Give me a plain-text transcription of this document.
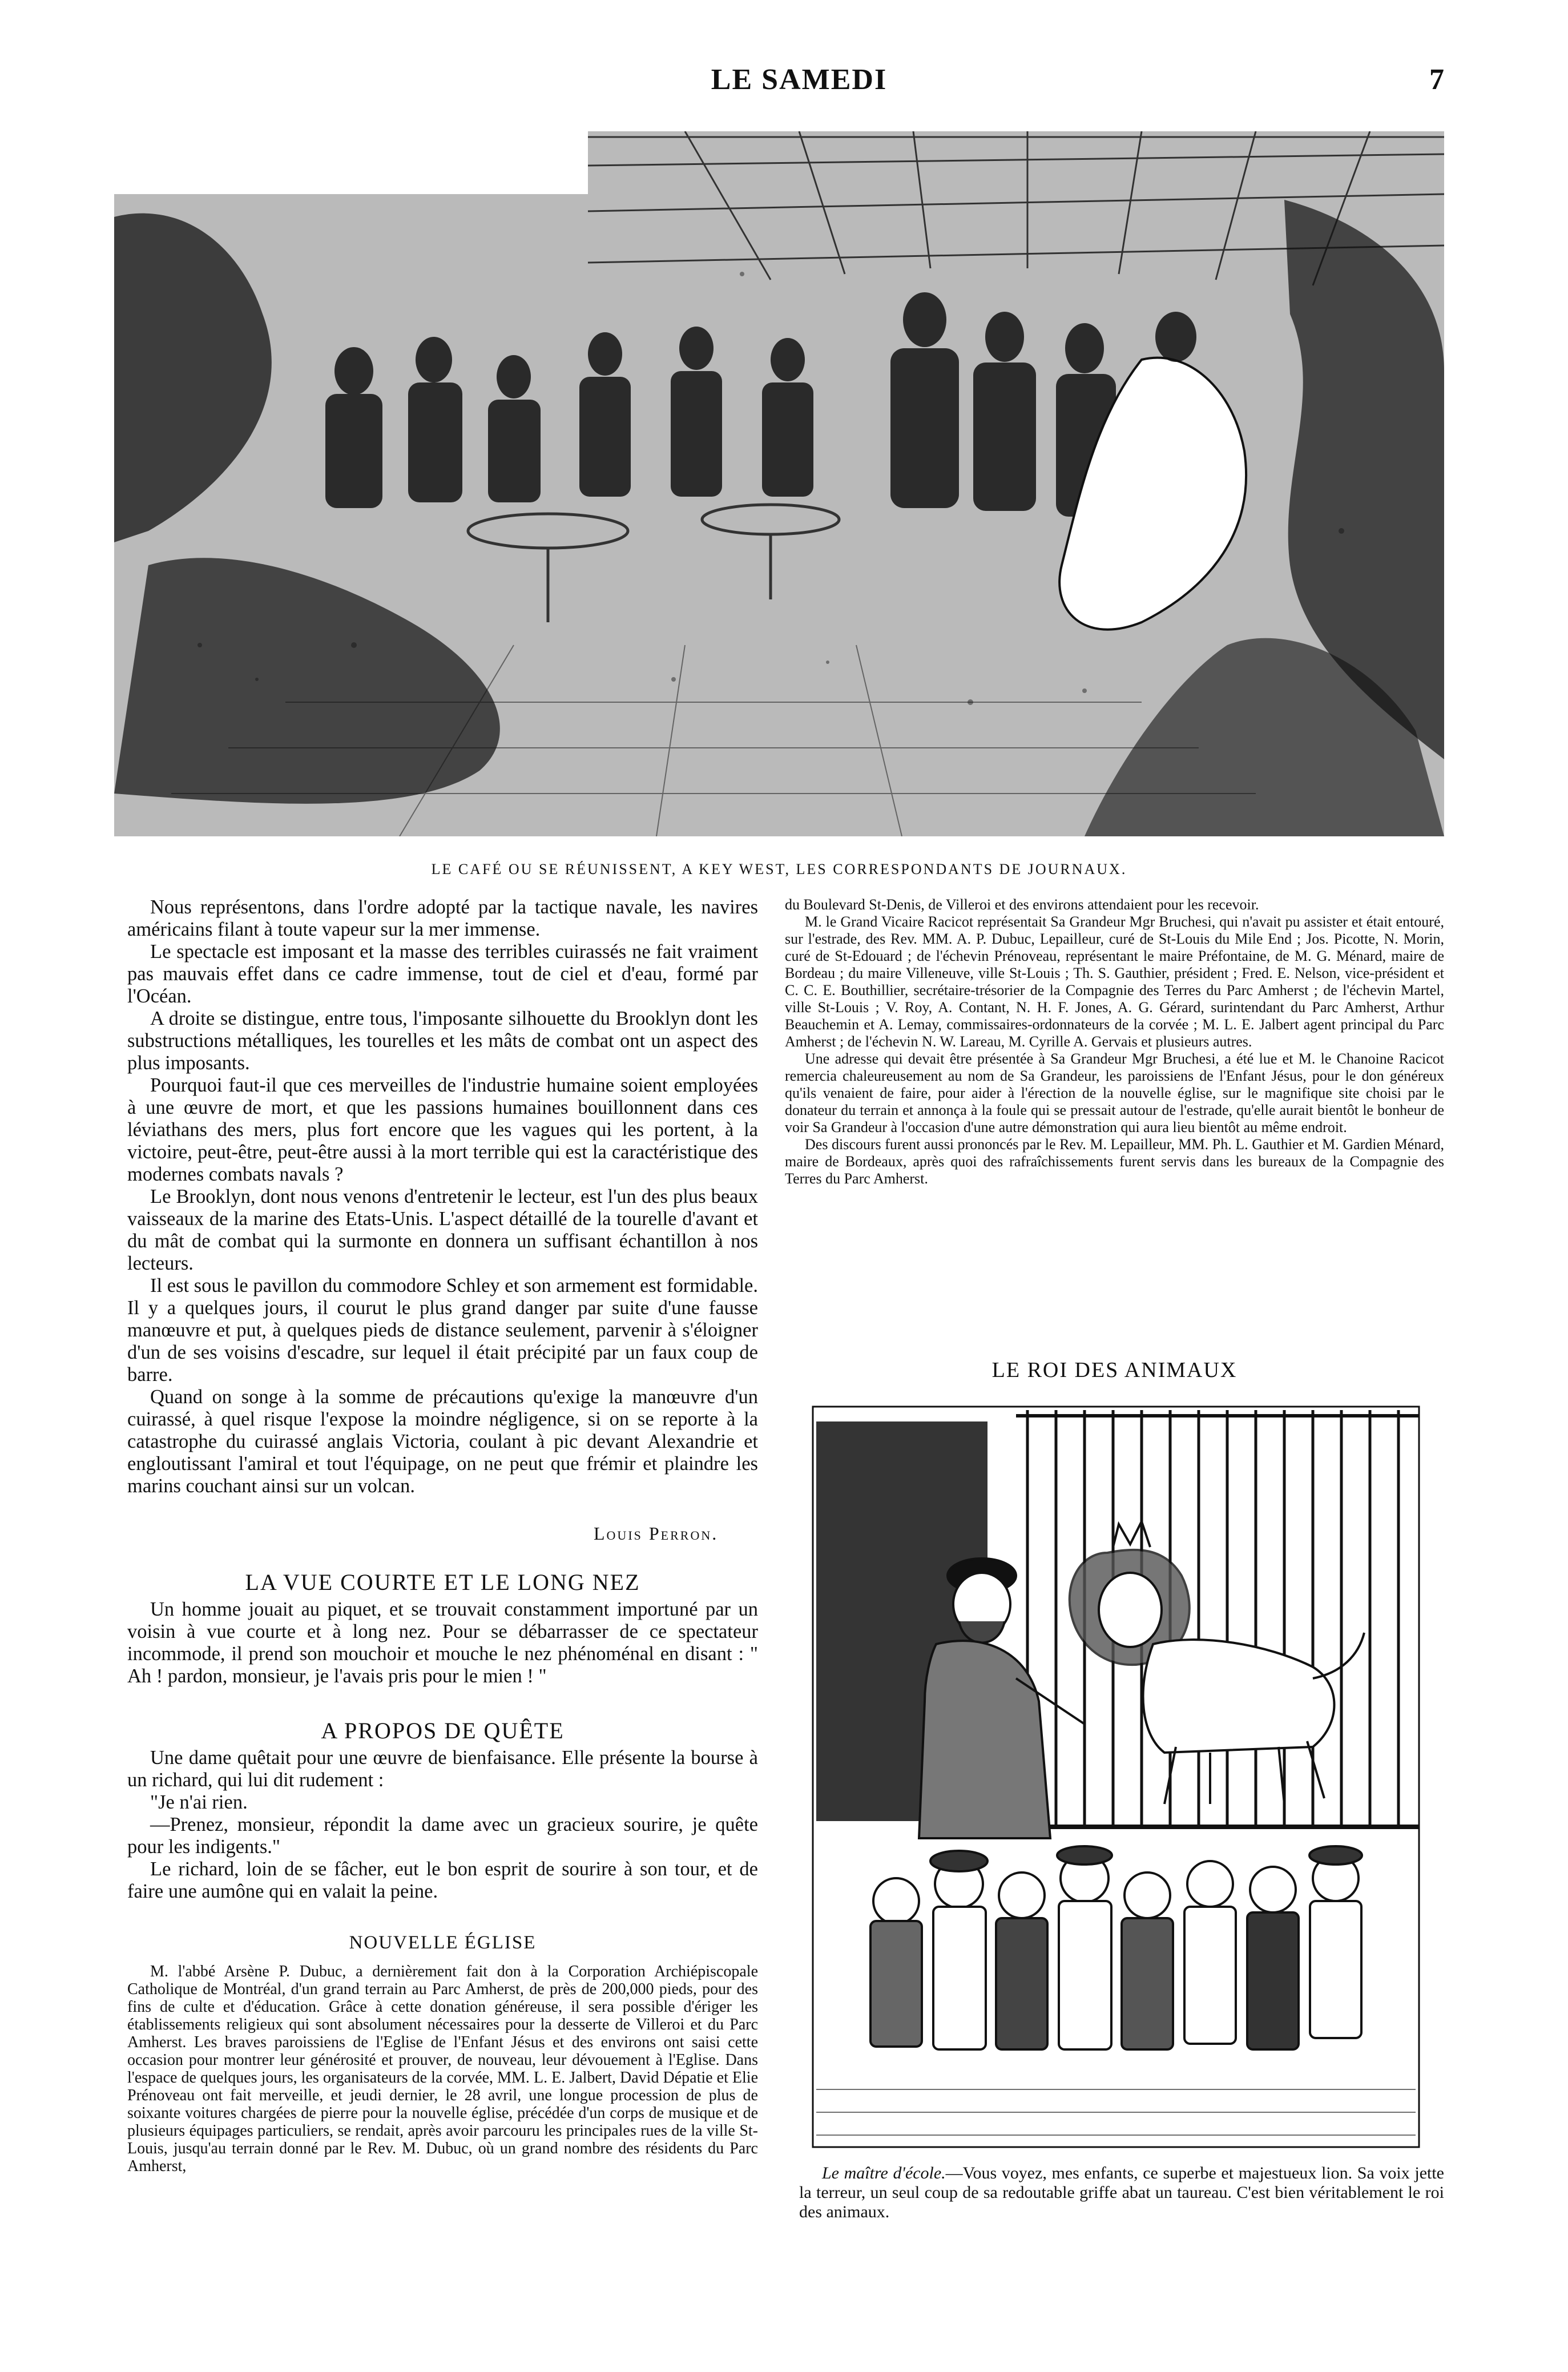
LE SAMEDI	7
LE CAFÉ OU SE RÉUNISSENT, A KEY WEST, LES CORRESPONDANTS DE JOURNAUX.

Nous représentons, dans l'ordre adopté par la tactique navale, les navires américains filant à toute vapeur sur la mer immense.

Le spectacle est imposant et la masse des terribles cuirassés ne fait vraiment pas mauvais effet dans ce cadre immense, tout de ciel et d'eau, formé par l'Océan.

A droite se distingue, entre tous, l'imposante silhouette du Brooklyn dont les substructions métalliques, les tourelles et les mâts de combat ont un aspect des plus imposants.

Pourquoi faut-il que ces merveilles de l'industrie humaine soient employées à une œuvre de mort, et que les passions humaines bouillonnent dans ces léviathans des mers, plus fort encore que les vagues qui les portent, à la victoire, peut-être, peut-être aussi à la mort terrible qui est la caractéristique des modernes combats navals ?

Le Brooklyn, dont nous venons d'entretenir le lecteur, est l'un des plus beaux vaisseaux de la marine des Etats-Unis. L'aspect détaillé de la tourelle d'avant et du mât de combat qui la surmonte en donnera un suffisant échantillon à nos lecteurs.

Il est sous le pavillon du commodore Schley et son armement est formidable. Il y a quelques jours, il courut le plus grand danger par suite d'une fausse manœuvre et put, à quelques pieds de distance seulement, parvenir à s'éloigner d'un de ses voisins d'escadre, sur lequel il était précipité par un faux coup de barre.

Quand on songe à la somme de précautions qu'exige la manœuvre d'un cuirassé, à quel risque l'expose la moindre négligence, si on se reporte à la catastrophe du cuirassé anglais Victoria, coulant à pic devant Alexandrie et engloutissant l'amiral et tout l'équipage, on ne peut que frémir et plaindre les marins couchant ainsi sur un volcan.

Louis Perron.
LA VUE COURTE ET LE LONG NEZ

Un homme jouait au piquet, et se trouvait constamment importuné par un voisin à vue courte et à long nez. Pour se débarrasser de ce spectateur incommode, il prend son mouchoir et mouche le nez phénoménal en disant : " Ah ! pardon, monsieur, je l'avais pris pour le mien ! "

A PROPOS DE QUÊTE

Une dame quêtait pour une œuvre de bienfaisance. Elle présente la bourse à un richard, qui lui dit rudement :

"Je n'ai rien.

—Prenez, monsieur, répondit la dame avec un gracieux sourire, je quête pour les indigents."

Le richard, loin de se fâcher, eut le bon esprit de sourire à son tour, et de faire une aumône qui en valait la peine.

NOUVELLE ÉGLISE

M. l'abbé Arsène P. Dubuc, a dernièrement fait don à la Corporation Archiépiscopale Catholique de Montréal, d'un grand terrain au Parc Amherst, de près de 200,000 pieds, pour des fins de culte et d'éducation. Grâce à cette donation généreuse, il sera possible d'ériger les établissements religieux qui sont absolument nécessaires pour la desserte de Villeroi et du Parc Amherst. Les braves paroissiens de l'Eglise de l'Enfant Jésus et des environs ont saisi cette occasion pour montrer leur générosité et prouver, de nouveau, leur dévouement à l'Eglise. Dans l'espace de quelques jours, les organisateurs de la corvée, MM. L. E. Jalbert, David Dépatie et Elie Prénoveau ont fait merveille, et jeudi dernier, le 28 avril, une longue procession de plus de soixante voitures chargées de pierre pour la nouvelle église, précédée d'un corps de musique et de plusieurs équipages particuliers, se rendait, après avoir parcouru les principales rues de la ville St-Louis, jusqu'au terrain donné par le Rev. M. Dubuc, où un grand nombre des résidents du Parc Amherst,

du Boulevard St-Denis, de Villeroi et des environs attendaient pour les recevoir.

M. le Grand Vicaire Racicot représentait Sa Grandeur Mgr Bruchesi, qui n'avait pu assister et était entouré, sur l'estrade, des Rev. MM. A. P. Dubuc, Lepailleur, curé de St-Louis du Mile End ; Jos. Picotte, N. Morin, curé de St-Edouard ; de l'échevin Prénoveau, représentant le maire Préfontaine, de M. G. Ménard, maire de Bordeau ; du maire Villeneuve, ville St-Louis ; Th. S. Gauthier, président ; Fred. E. Nelson, vice-président et C. C. E. Bouthillier, secrétaire-trésorier de la Compagnie des Terres du Parc Amherst ; de l'échevin Martel, ville St-Louis ; V. Roy, A. Contant, N. H. F. Jones, A. G. Gérard, surintendant du Parc Amherst, Arthur Beauchemin et A. Lemay, commissaires-ordonnateurs de la corvée ; M. L. E. Jalbert agent principal du Parc Amherst ; de l'échevin N. W. Lareau, M. Cyrille A. Gervais et plusieurs autres.

Une adresse qui devait être présentée à Sa Grandeur Mgr Bruchesi, a été lue et M. le Chanoine Racicot remercia chaleureusement au nom de Sa Grandeur, les paroissiens de l'Enfant Jésus, pour le don généreux qu'ils venaient de faire, pour aider à l'érection de la nouvelle église, sur le magnifique site choisi par le donateur du terrain et annonça à la foule qui se pressait autour de l'estrade, qu'elle aurait bientôt le bonheur de voir Sa Grandeur à l'occasion d'une autre démonstration qui aura lieu bientôt au même endroit.

Des discours furent aussi prononcés par le Rev. M. Lepailleur, MM. Ph. L. Gauthier et M. Gardien Ménard, maire de Bordeaux, après quoi des rafraîchissements furent servis dans les bureaux de la Compagnie des Terres du Parc Amherst.

LE ROI DES ANIMAUX

Le maître d'école.—Vous voyez, mes enfants, ce superbe et majestueux lion. Sa voix jette la terreur, un seul coup de sa redoutable griffe abat un taureau. C'est bien véritablement le roi des animaux.
